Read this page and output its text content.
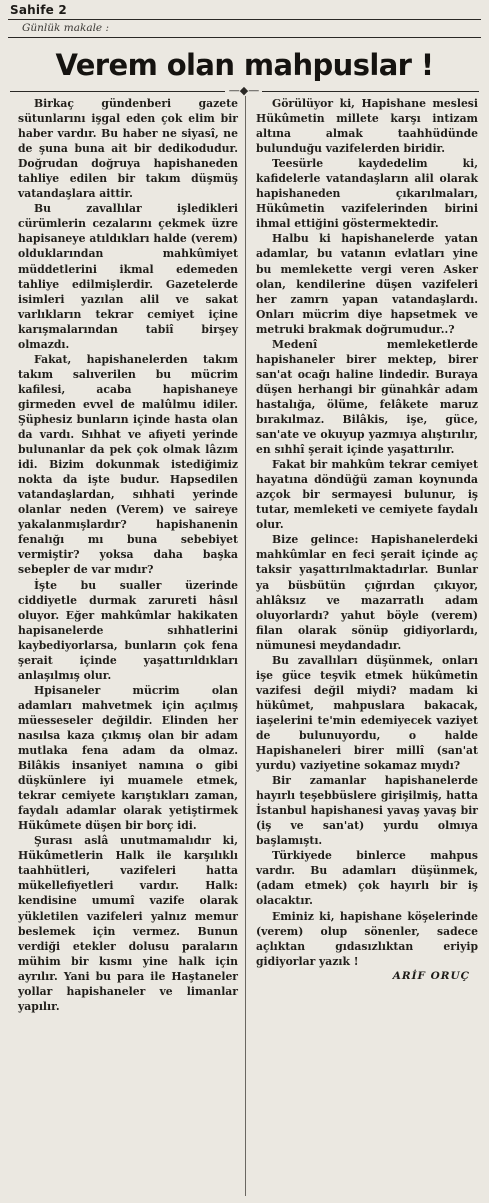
Sahife 2
Günlük makale :
Verem olan mahpuslar !
—◆—

Birkaç gündenberi gazete sütunlarını işgal eden çok elim bir haber vardır. Bu haber ne siyasî, ne de şuna buna ait bir dedikodudur. Doğrudan doğruya hapishaneden tahliye edilen bir takım düşmüş vatandaşlara aittir.

Bu zavallılar işledikleri cürümlerin cezalarını çekmek üzre hapisaneye atıldıkları halde (verem) olduklarından mahkûmiyet müddetlerini ikmal edemeden tahliye edilmişlerdir. Gazetelerde isimleri yazılan alil ve sakat varlıkların tekrar cemiyet içine karışmalarından tabiî birşey olmazdı.

Fakat, hapishanelerden takım takım salıverilen bu mücrim kafilesi, acaba hapishaneye girmeden evvel de malûlmu idiler. Şüphesiz bunların içinde hasta olan da vardı. Sıhhat ve afiyeti yerinde bulunanlar da pek çok olmak lâzım idi. Bizim dokunmak istediğimiz nokta da işte budur. Hapsedilen vatandaşlardan, sıhhati yerinde olanlar neden (Verem) ve saireye yakalanmışlardır? hapishanenin fenalığı mı buna sebebiyet vermiştir? yoksa daha başka sebepler de var mıdır?

İşte bu sualler üzerinde ciddiyetle durmak zarureti hâsıl oluyor. Eğer mahkûmlar hakikaten hapisanelerde sıhhatlerini kaybediyorlarsa, bunların çok fena şerait içinde yaşattırıldıkları anlaşılmış olur.

Hpisaneler mücrim olan adamları mahvetmek için açılmış müesseseler değildir. Elinden her nasılsa kaza çıkmış olan bir adam mutlaka fena adam da olmaz. Bilâkis insaniyet namına o gibi düşkünlere iyi muamele etmek, tekrar cemiyete karıştıkları zaman, faydalı adamlar olarak yetiştirmek Hükûmete düşen bir borç idi.

Şurası aslâ unutmamalıdır ki, Hükûmetlerin Halk ile karşılıklı taahhütleri, vazifeleri hatta mükellefiyetleri vardır. Halk: kendisine umumî vazife olarak yükletilen vazifeleri yalnız memur beslemek için vermez. Bunun verdiği etekler dolusu paraların mühim bir kısmı yine halk için ayrılır. Yani bu para ile Haştaneler yollar hapishaneler ve limanlar yapılır.

Görülüyor ki, Hapishane meslesi Hükûmetin millete karşı intizam altına almak taahhüdünde bulunduğu vazifelerden biridir.

Teesürle kaydedelim ki, kafidelerle vatandaşların alil olarak hapishaneden çıkarılmaları, Hükûmetin vazifelerinden birini ihmal ettiğini göstermektedir.

Halbu ki hapishanelerde yatan adamlar, bu vatanın evlatları yine bu memlekette vergi veren Asker olan, kendilerine düşen vazifeleri her zamrn yapan vatandaşlardı. Onları mücrim diye hapsetmek ve metruki brakmak doğrumudur..?

Medenî memleketlerde hapishaneler birer mektep, birer san'at ocağı haline lindedir. Buraya düşen herhangi bir günahkâr adam hastalığa, ölüme, felâkete maruz bırakılmaz. Bilâkis, işe, güce, san'ate ve okuyup yazmıya alıştırılır, en sıhhî şerait içinde yaşattırılır.

Fakat bir mahkûm tekrar cemiyet hayatına döndüğü zaman koynunda azçok bir sermayesi bulunur, iş tutar, memleketi ve cemiyete faydalı olur.

Bize gelince: Hapishanelerdeki mahkûmlar en feci şerait içinde aç taksir yaşattırılmaktadırlar. Bunlar ya büsbütün çığırdan çıkıyor, ahlâksız ve mazarratlı adam oluyorlardı? yahut böyle (verem) filan olarak sönüp gidiyorlardı, nümunesi meydandadır.

Bu zavallıları düşünmek, onları işe güce teşvik etmek hükûmetin vazifesi değil miydi? madam ki hükûmet, mahpuslara bakacak, iaşelerini te'min edemiyecek vaziyet de bulunuyordu, o halde Hapishaneleri birer millî (san'at yurdu) vaziyetine sokamaz mıydı?

Bir zamanlar hapishanelerde hayırlı teşebbüslere girişilmiş, hatta İstanbul hapishanesi yavaş yavaş bir (iş ve san'at) yurdu olmıya başlamıştı.

Türkiyede binlerce mahpus vardır. Bu adamları düşünmek, (adam etmek) çok hayırlı bir iş olacaktır.

Eminiz ki, hapishane köşelerinde (verem) olup sönenler, sadece açlıktan gıdasızlıktan eriyip gidiyorlar yazık !

ARİF ORUÇ
